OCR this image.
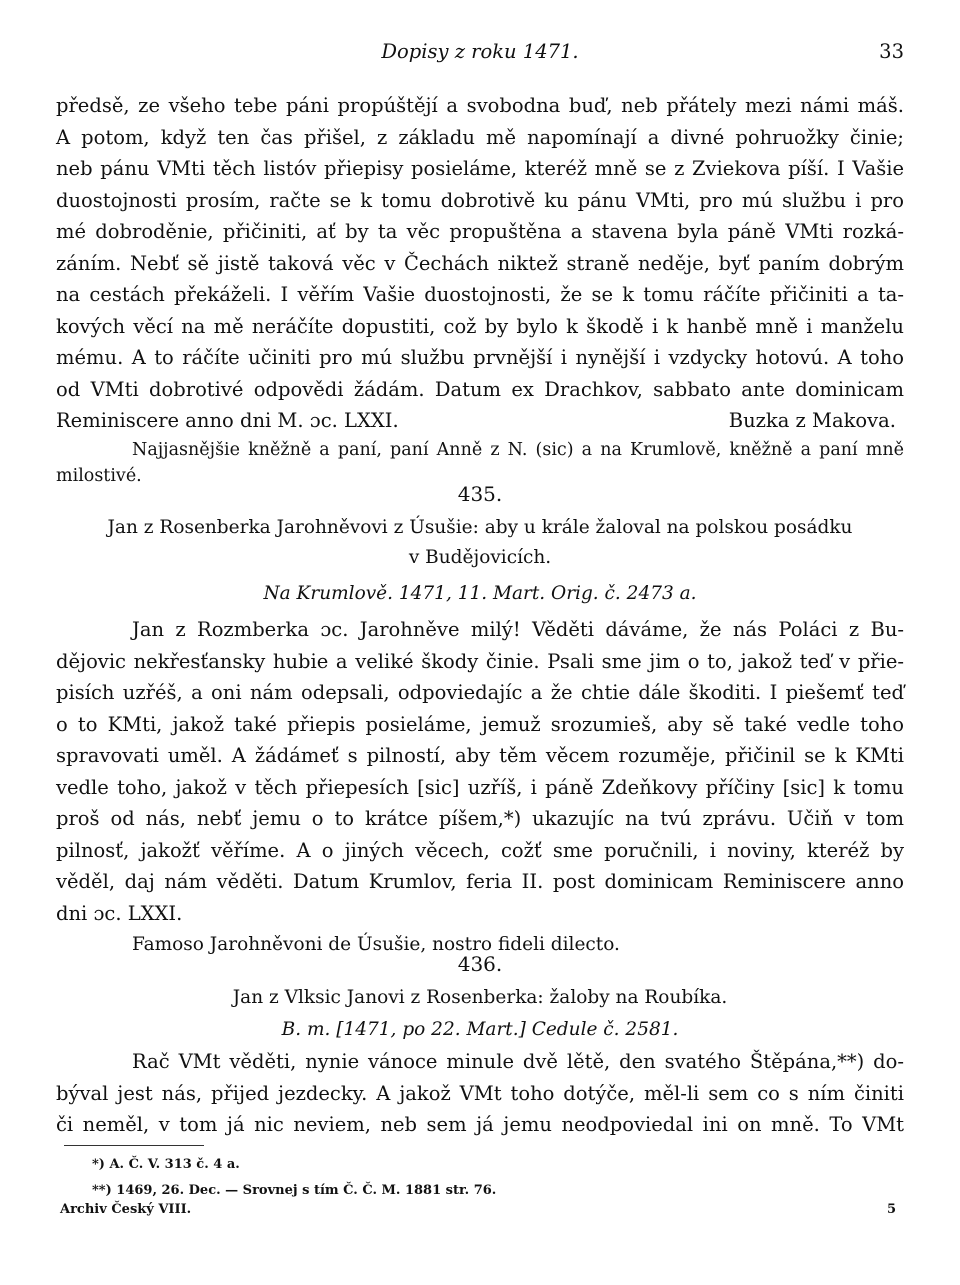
Dopisy z roku 1471.	33
předsě, ze všeho tebe páni propúštějí a svobodna buď, neb přátely mezi námi máš.
A potom, když ten čas přišel, z základu mě napomínají a divné pohruožky činie;
neb pánu VMti těch listóv přiepisy posieláme, kteréž mně se z Zviekova píší. I Vašie
duostojnosti prosím, račte se k tomu dobrotivě ku pánu VMti, pro mú službu i pro
mé dobroděnie, přičiniti, ať by ta věc propuštěna a stavena byla páně VMti rozká-
záním. Nebť sě jistě taková věc v Čechách niktež straně neděje, byť paním dobrým
na cestách překáželi. I věřím Vašie duostojnosti, že se k tomu ráčíte přičiniti a ta-
kových věcí na mě neráčíte dopustiti, což by bylo k škodě i k hanbě mně i manželu
mému. A to ráčíte učiniti pro mú službu prvnější i nynější i vzdycky hotovú. A toho
od VMti dobrotivé odpovědi žádám. Datum ex Drachkov, sabbato ante dominicam
Reminiscere anno dni M. ɔc. LXXI.	Buzka z Makova.
Najjasnějšie kněžně a paní, paní Anně z N. (sic) a na Krumlově, kněžně a paní mně
milostivé.
435.
Jan z Rosenberka Jarohněvovi z Úsušie: aby u krále žaloval na polskou posádku
v Budějovicích.
Na Krumlově. 1471, 11. Mart. Orig. č. 2473 a.
Jan z Rozmberka ɔc. Jarohněve milý! Věděti dáváme, že nás Poláci z Bu-
dějovic nekřesťansky hubie a veliké škody činie. Psali sme jim o to, jakož teď v přie-
pisích uzřéš, a oni nám odepsali, odpoviedajíc a že chtie dále škoditi. I piešemť teď
o to KMti, jakož také přiepis posieláme, jemuž srozumieš, aby sě také vedle toho
spravovati uměl. A žádámeť s pilností, aby těm věcem rozuměje, přičinil se k KMti
vedle toho, jakož v těch přiepesích [sic] uzříš, i páně Zdeňkovy příčiny [sic] k tomu
proš od nás, nebť jemu o to krátce píšem,*) ukazujíc na tvú zprávu. Učiň v tom
pilnosť, jakožť věříme. A o jiných věcech, cožť sme poručnili, i noviny, kteréž by
věděl, daj nám věděti. Datum Krumlov, feria II. post dominicam Reminiscere anno
dni ɔc. LXXI.
Famoso Jarohněvoni de Úsušie, nostro fideli dilecto.
436.
Jan z Vlksic Janovi z Rosenberka: žaloby na Roubíka.
B. m. [1471, po 22. Mart.] Cedule č. 2581.
Rač VMt věděti, nynie vánoce minule dvě lětě, den svatého Štěpána,**) do-
býval jest nás, přijed jezdecky. A jakož VMt toho dotýče, měl-li sem co s ním činiti
či neměl, v tom já nic neviem, neb sem já jemu neodpoviedal ini on mně. To VMt
*) A. Č. V. 313 č. 4 a.
**) 1469, 26. Dec. — Srovnej s tím Č. Č. M. 1881 str. 76.
Archiv Český VIII.	5
